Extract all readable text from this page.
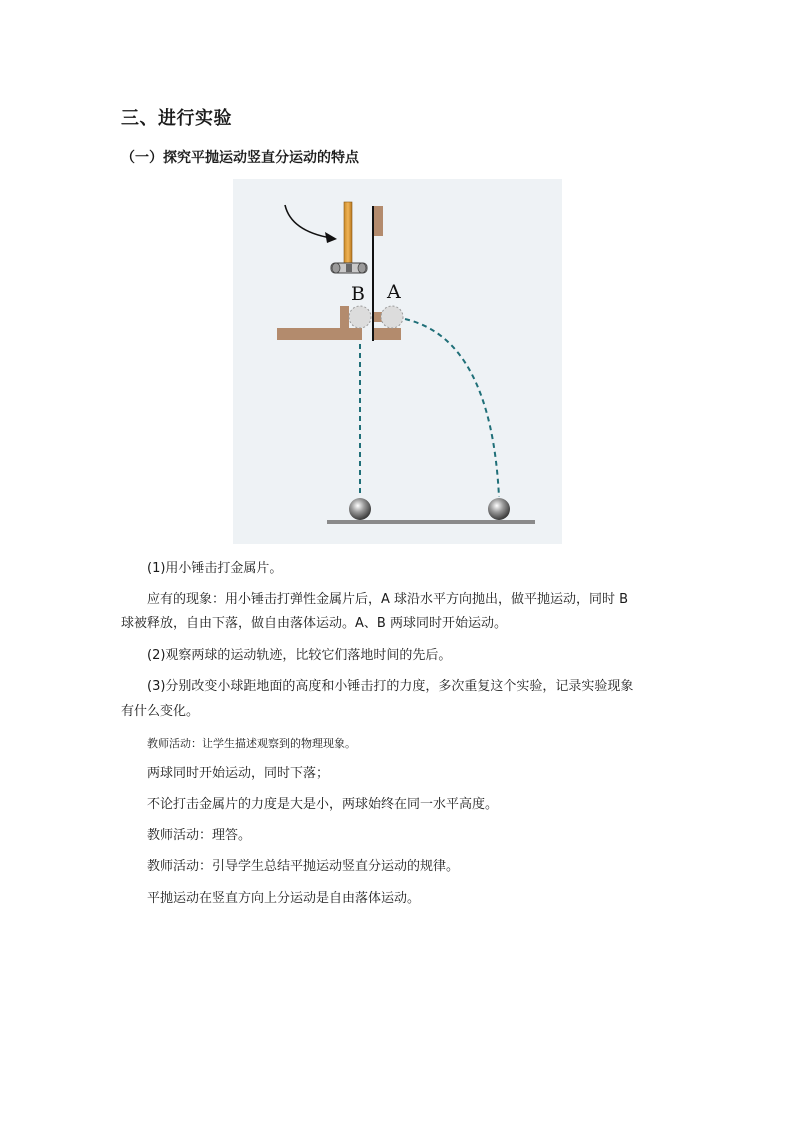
三、进行实验
（一）探究平抛运动竖直分运动的特点
B A
(1)用小锤击打金属片。
应有的现象：用小锤击打弹性金属片后，A 球沿水平方向抛出，做平抛运动，同时 B
球被释放，自由下落，做自由落体运动。A、B 两球同时开始运动。
(2)观察两球的运动轨迹，比较它们落地时间的先后。
(3)分别改变小球距地面的高度和小锤击打的力度，多次重复这个实验，记录实验现象
有什么变化。
教师活动：让学生描述观察到的物理现象。
两球同时开始运动，同时下落；
不论打击金属片的力度是大是小，两球始终在同一水平高度。
教师活动：理答。
教师活动：引导学生总结平抛运动竖直分运动的规律。
平抛运动在竖直方向上分运动是自由落体运动。
